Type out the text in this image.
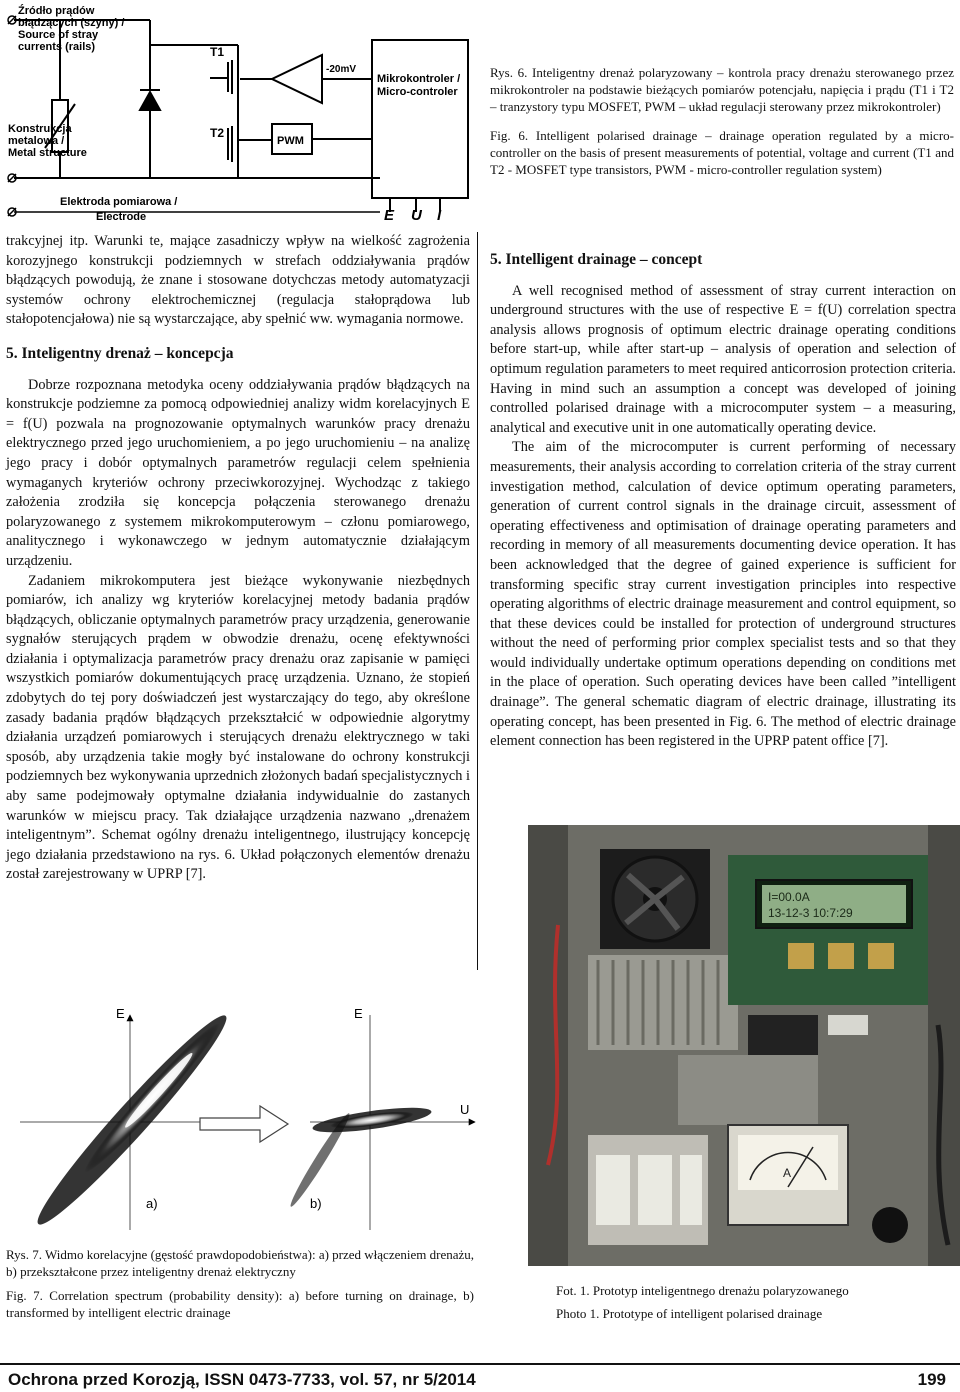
Źródło prądów błądzących (szyny) / Source of stray currents (rails)
Konstrukcja metalowa / Metal structure
Elektroda pomiarowa / Electrode
T1
T2
PWM
-20mV
Mikrokontroler / Micro-controler
E U I

Rys. 6. Inteligentny drenaż polaryzowany – kontrola pracy drenażu sterowanego przez mikrokontroler na podstawie bieżących pomiarów potencjału, napięcia i prądu (T1 i T2 – tranzystory typu MOSFET, PWM – układ regulacji sterowany przez mikrokontroler)

Fig. 6. Intelligent polarised drainage – drainage operation regulated by a micro-controller on the basis of present measurements of potential, voltage and current (T1 and T2 - MOSFET type transistors, PWM - micro-controller regulation system)

trakcyjnej itp. Warunki te, mające zasadniczy wpływ na wielkość zagrożenia korozyjnego konstrukcji podziemnych w strefach oddziaływania prądów błądzących powodują, że znane i stosowane dotychczas metody automatyzacji systemów ochrony elektrochemicznej (regulacja stałoprądowa lub stałopotencjałowa) nie są wystarczające, aby spełnić ww. wymagania normowe.

5. Inteligentny drenaż – koncepcja

Dobrze rozpoznana metodyka oceny oddziaływania prądów błądzących na konstrukcje podziemne za pomocą odpowiedniej analizy widm korelacyjnych E = f(U) pozwala na prognozowanie optymalnych warunków pracy drenażu elektrycznego przed jego uruchomieniem, a po jego uruchomieniu – na analizę jego pracy i dobór optymalnych parametrów regulacji celem spełnienia wymaganych kryteriów ochrony przeciwkorozyjnej. Wychodząc z takiego założenia zrodziła się koncepcja połączenia sterowanego drenażu polaryzowanego z systemem mikrokomputerowym – członu pomiarowego, analitycznego i wykonawczego w jednym automatycznie działającym urządzeniu.

Zadaniem mikrokomputera jest bieżące wykonywanie niezbędnych pomiarów, ich analizy wg kryteriów korelacyjnej metody badania prądów błądzących, obliczanie optymalnych parametrów pracy urządzenia, generowanie sygnałów sterujących prądem w obwodzie drenażu, ocenę efektywności działania i optymalizacja parametrów pracy drenażu oraz zapisanie w pamięci wszystkich pomiarów dokumentujących pracę urządzenia. Uznano, że stopień zdobytych do tej pory doświadczeń jest wystarczający do tego, aby określone zasady badania prądów błądzących przekształcić w odpowiednie algorytmy działania urządzeń pomiarowych i sterujących drenażu elektrycznego w taki sposób, aby urządzenia takie mogły być instalowane do ochrony konstrukcji podziemnych bez wykonywania uprzednich złożonych badań specjalistycznych i aby same podejmowały optymalne działania indywidualnie do zastanych warunków w miejscu pracy. Tak działające urządzenia nazwano „drenażem inteligentnym”. Schemat ogólny drenażu inteligentnego, ilustrujący koncepcję jego działania przedstawiono na rys. 6. Układ połączonych elementów drenażu został zarejestrowany w UPRP [7].

5. Intelligent drainage – concept

A well recognised method of assessment of stray current interaction on underground structures with the use of respective E = f(U) correlation spectra analysis allows prognosis of optimum electric drainage operating conditions before start-up, while after start-up – analysis of operation and selection of optimum regulation parameters to meet required anticorrosion protection criteria. Having in mind such an assumption a concept was developed of joining controlled polarised drainage with a microcomputer system – a measuring, analytical and executive unit in one automatically operating device.

The aim of the microcomputer is current performing of necessary measurements, their analysis according to correlation criteria of the stray current investigation method, calculation of device optimum operating parameters, generation of current control signals in the drainage circuit, assessment of operating effectiveness and optimisation of drainage operating parameters and recording in memory of all measurements documenting device operation. It has been acknowledged that the degree of gained experience is sufficient for transforming specific stray current investigation principles into respective operating algorithms of electric drainage measurement and control equipment, so that these devices could be installed for protection of underground structures without the need of performing prior complex specialist tests and so that they would individually undertake optimum operations depending on conditions met in the place of operation. Such operating devices have been called ”intelligent drainage”. The general schematic diagram of electric drainage, illustrating its operating concept, has been presented in Fig. 6. The method of electric drainage element connection has been registered in the UPRP patent office [7].

E	E
U
a)	b)

Rys. 7. Widmo korelacyjne (gęstość prawdopodobieństwa): a) przed włączeniem drenażu, b) przekształcone przez inteligentny drenaż elektryczny

Fig. 7. Correlation spectrum (probability density): a) before turning on drainage, b) transformed by intelligent electric drainage

I=00.0A
13-12-3 10:7:29
A

Fot. 1. Prototyp inteligentnego drenażu polaryzowanego

Photo 1. Prototype of intelligent polarised drainage

Ochrona przed Korozją, ISSN 0473-7733, vol. 57, nr 5/2014	199
